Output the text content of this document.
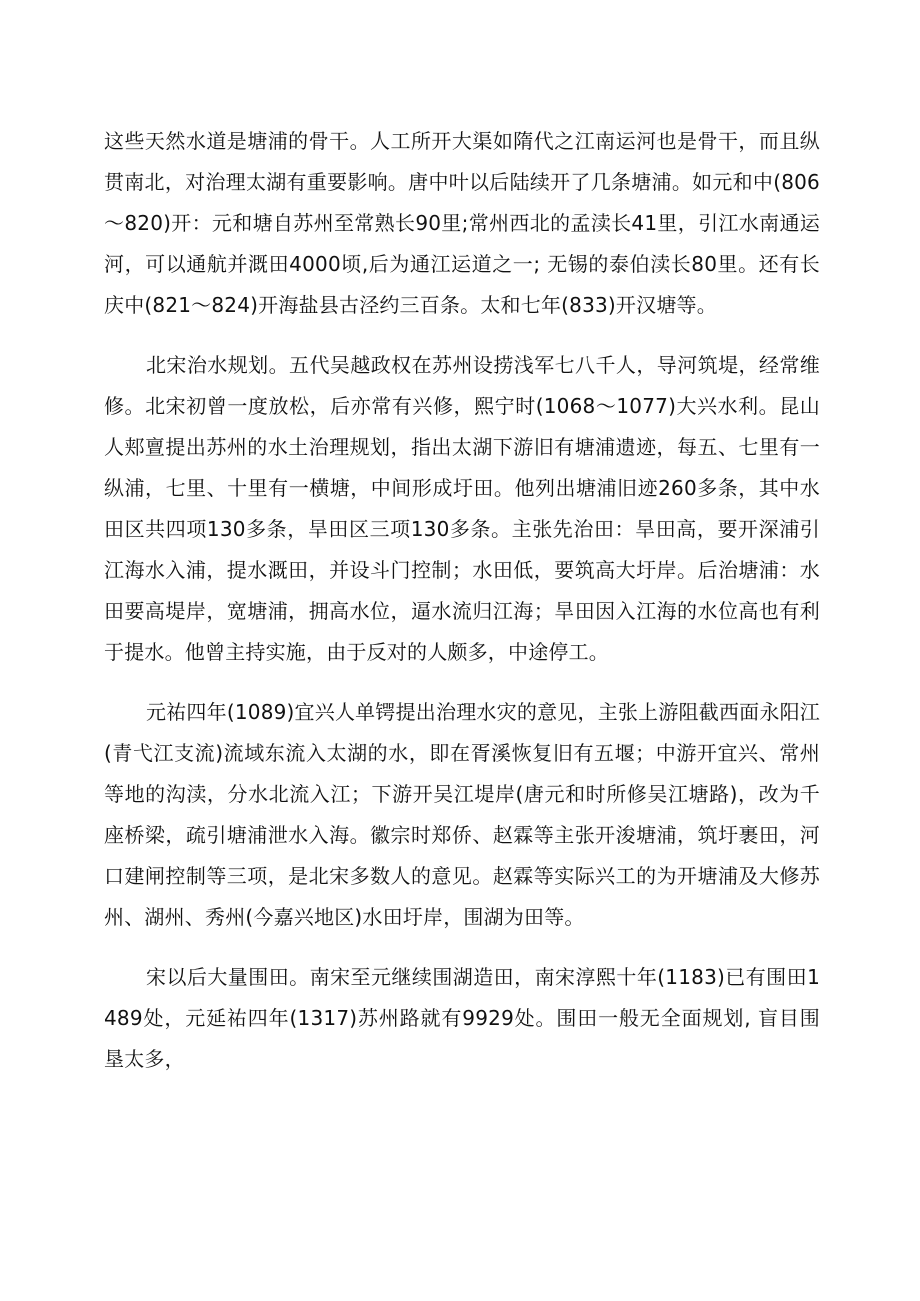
这些天然水道是塘浦的骨干。人工所开大渠如隋代之江南运河也是骨干，而且纵贯南北，对治理太湖有重要影响。唐中叶以后陆续开了几条塘浦。如元和中(806～820)开：元和塘自苏州至常熟长90里;常州西北的孟渎长41里，引江水南通运河，可以通航并溉田4000顷,后为通江运道之一; 无锡的泰伯渎长80里。还有长庆中(821～824)开海盐县古泾约三百条。太和七年(833)开汉塘等。

北宋治水规划。五代吴越政权在苏州设捞浅军七八千人，导河筑堤，经常维修。北宋初曾一度放松，后亦常有兴修，熙宁时(1068～1077)大兴水利。昆山人郏亶提出苏州的水土治理规划，指出太湖下游旧有塘浦遗迹，每五、七里有一纵浦，七里、十里有一横塘，中间形成圩田。他列出塘浦旧迹260多条，其中水田区共四项130多条，旱田区三项130多条。主张先治田：旱田高，要开深浦引江海水入浦，提水溉田，并设斗门控制；水田低，要筑高大圩岸。后治塘浦：水田要高堤岸，宽塘浦，拥高水位，逼水流归江海；旱田因入江海的水位高也有利于提水。他曾主持实施，由于反对的人颇多，中途停工。

元祐四年(1089)宜兴人单锷提出治理水灾的意见，主张上游阻截西面永阳江(青弋江支流)流域东流入太湖的水，即在胥溪恢复旧有五堰；中游开宜兴、常州等地的沟渎，分水北流入江；下游开吴江堤岸(唐元和时所修吴江塘路)，改为千座桥梁，疏引塘浦泄水入海。徽宗时郑侨、赵霖等主张开浚塘浦，筑圩裹田，河口建闸控制等三项，是北宋多数人的意见。赵霖等实际兴工的为开塘浦及大修苏州、湖州、秀州(今嘉兴地区)水田圩岸，围湖为田等。

宋以后大量围田。南宋至元继续围湖造田，南宋淳熙十年(1183)已有围田1489处，元延祐四年(1317)苏州路就有9929处。围田一般无全面规划, 盲目围垦太多，
